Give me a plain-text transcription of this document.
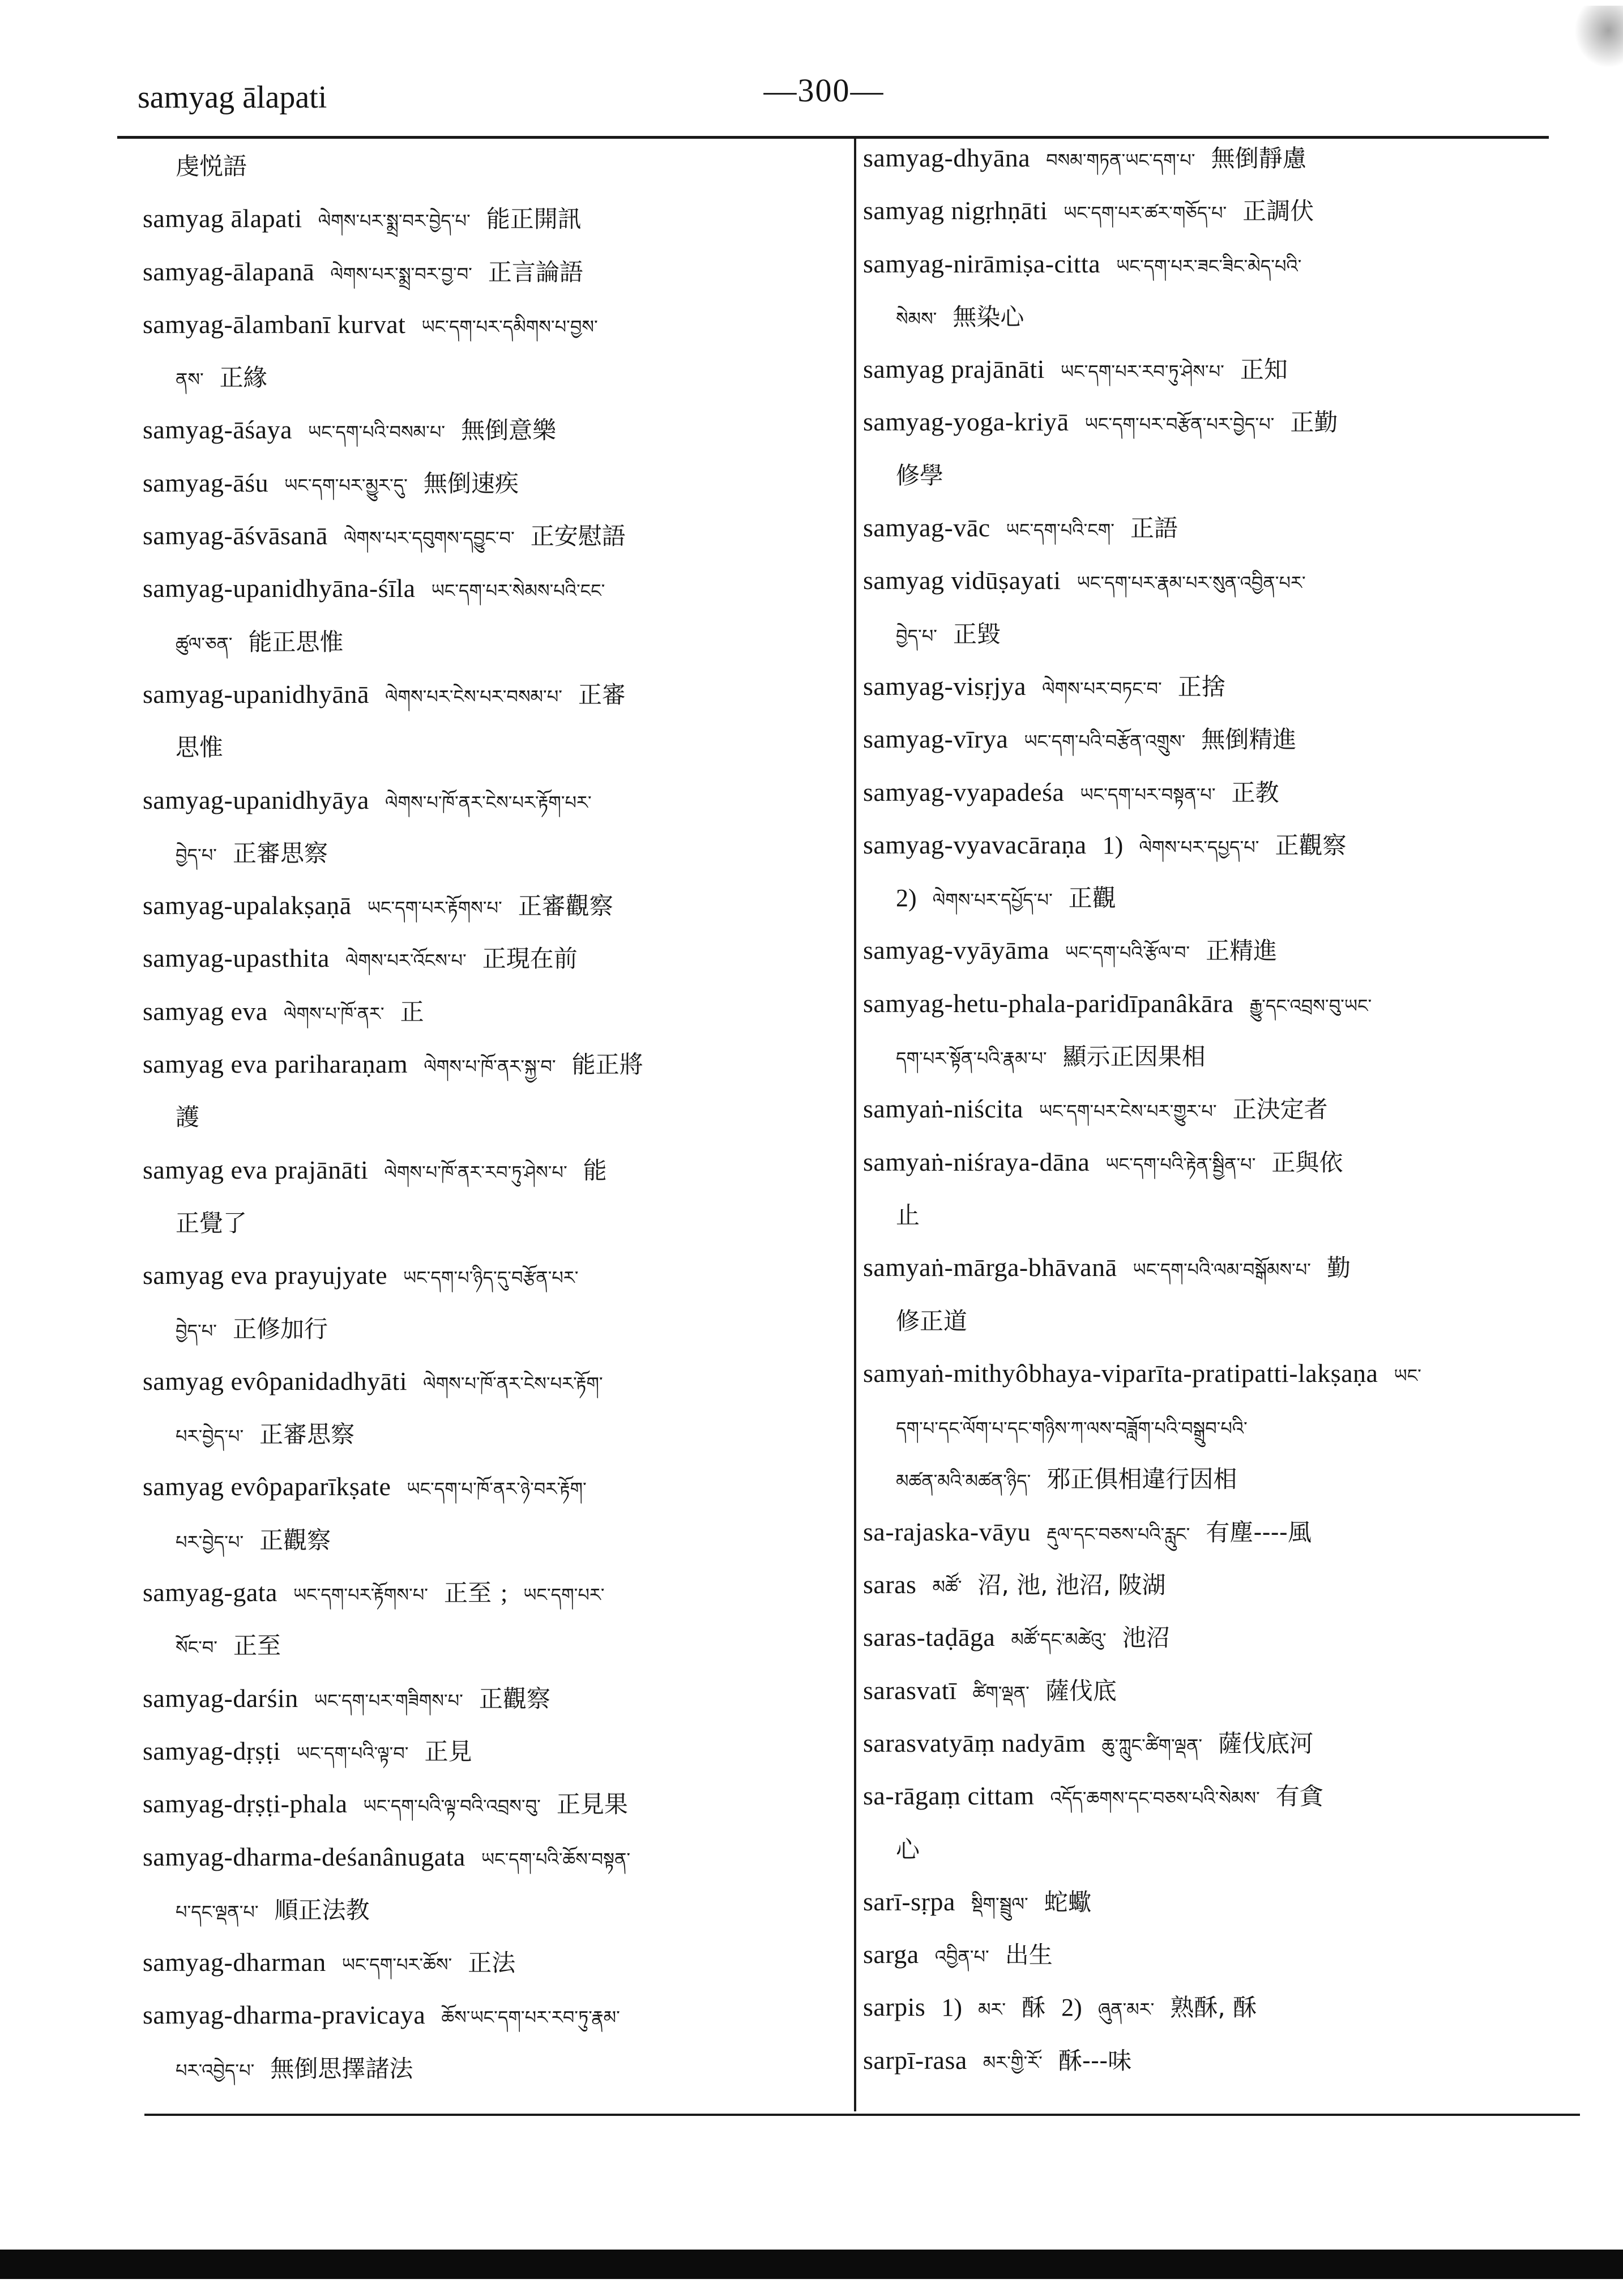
samyag ālapati	—300—
虔悦語
samyag ālapati ལེགས་པར་སྨྲ་བར་བྱེད་པ་ 能正開訊
samyag-ālapanā ལེགས་པར་སྨྲ་བར་བྱ་བ་ 正言論語
samyag-ālambanī kurvat ཡང་དག་པར་དམིགས་པ་བྱས་
ནས་ 正緣
samyag-āśaya ཡང་དག་པའི་བསམ་པ་ 無倒意樂
samyag-āśu ཡང་དག་པར་མྱུར་དུ་ 無倒速疾
samyag-āśvāsanā ལེགས་པར་དབུགས་དབྱུང་བ་ 正安慰語
samyag-upanidhyāna-śīla ཡང་དག་པར་སེམས་པའི་ངང་
ཚུལ་ཅན་ 能正思惟
samyag-upanidhyānā ལེགས་པར་ངེས་པར་བསམ་པ་ 正審
思惟
samyag-upanidhyāya ལེགས་པ་ཁོ་ནར་ངེས་པར་རྟོག་པར་
བྱེད་པ་ 正審思察
samyag-upalakṣaṇā ཡང་དག་པར་རྟོགས་པ་ 正審觀察
samyag-upasthita ལེགས་པར་འོངས་པ་ 正現在前
samyag eva ལེགས་པ་ཁོ་ནར་ 正
samyag eva pariharaṇam ལེགས་པ་ཁོ་ནར་སྐྱ་བ་ 能正將
護
samyag eva prajānāti ལེགས་པ་ཁོ་ནར་རབ་ཏུ་ཤེས་པ་ 能
正覺了
samyag eva prayujyate ཡང་དག་པ་ཉིད་དུ་བརྩོན་པར་
བྱེད་པ་ 正修加行
samyag evôpanidadhyāti ལེགས་པ་ཁོ་ནར་ངེས་པར་རྟོག་
པར་བྱེད་པ་ 正審思察
samyag evôpaparīkṣate ཡང་དག་པ་ཁོ་ནར་ཉེ་བར་རྟོག་
པར་བྱེད་པ་ 正觀察
samyag-gata ཡང་དག་པར་རྟོགས་པ་ 正至 ; ཡང་དག་པར་
སོང་བ་ 正至
samyag-darśin ཡང་དག་པར་གཟིགས་པ་ 正觀察
samyag-dṛṣṭi ཡང་དག་པའི་ལྟ་བ་ 正見
samyag-dṛṣṭi-phala ཡང་དག་པའི་ལྟ་བའི་འབྲས་བུ་ 正見果
samyag-dharma-deśanânugata ཡང་དག་པའི་ཆོས་བསྟན་
པ་དང་ལྡན་པ་ 順正法教
samyag-dharman ཡང་དག་པར་ཆོས་ 正法
samyag-dharma-pravicaya ཆོས་ཡང་དག་པར་རབ་ཏུ་རྣམ་
པར་འབྱེད་པ་ 無倒思擇諸法
samyag-dhyāna བསམ་གཏན་ཡང་དག་པ་ 無倒靜慮
samyag nigṛhṇāti ཡང་དག་པར་ཚར་གཅོད་པ་ 正調伏
samyag-nirāmiṣa-citta ཡང་དག་པར་ཟང་ཟིང་མེད་པའི་
སེམས་ 無染心
samyag prajānāti ཡང་དག་པར་རབ་ཏུ་ཤེས་པ་ 正知
samyag-yoga-kriyā ཡང་དག་པར་བརྩོན་པར་བྱེད་པ་ 正勤
修學
samyag-vāc ཡང་དག་པའི་ངག་ 正語
samyag vidūṣayati ཡང་དག་པར་རྣམ་པར་སུན་འབྱིན་པར་
བྱེད་པ་ 正毀
samyag-visṛjya ལེགས་པར་བཏང་བ་ 正捨
samyag-vīrya ཡང་དག་པའི་བརྩོན་འགྲུས་ 無倒精進
samyag-vyapadeśa ཡང་དག་པར་བསྟན་པ་ 正教
samyag-vyavacāraṇa 1) ལེགས་པར་དཔྱད་པ་ 正觀察
2) ལེགས་པར་དཔྱོད་པ་ 正觀
samyag-vyāyāma ཡང་དག་པའི་རྩོལ་བ་ 正精進
samyag-hetu-phala-paridīpanâkāra རྒྱུ་དང་འབྲས་བུ་ཡང་
དག་པར་སྟོན་པའི་རྣམ་པ་ 顯示正因果相
samyaṅ-niścita ཡང་དག་པར་ངེས་པར་གྱུར་པ་ 正決定者
samyaṅ-niśraya-dāna ཡང་དག་པའི་རྟེན་སྦྱིན་པ་ 正與依
止
samyaṅ-mārga-bhāvanā ཡང་དག་པའི་ལམ་བསྒོམས་པ་ 勤
修正道
samyaṅ-mithyôbhaya-viparīta-pratipatti-lakṣaṇa ཡང་
དག་པ་དང་ལོག་པ་དང་གཉིས་ཀ་ལས་བཟློག་པའི་བསྒྲུབ་པའི་
མཚན་མའི་མཚན་ཉིད་ 邪正俱相違行因相
sa-rajaska-vāyu རྡུལ་དང་བཅས་པའི་རླུང་ 有塵----風
saras མཚོ་ 沼, 池, 池沼, 陂湖
saras-taḍāga མཚོ་དང་མཚེའུ་ 池沼
sarasvatī ཚིག་ལྡན་ 薩伐底
sarasvatyāṃ nadyām ཆུ་ཀླུང་ཚིག་ལྡན་ 薩伐底河
sa-rāgaṃ cittam འདོད་ཆགས་དང་བཅས་པའི་སེམས་ 有貪
心
sarī-sṛpa སྡིག་སྦྲུལ་ 蛇蠍
sarga འབྱིན་པ་ 出生
sarpis 1) མར་ 酥 2) ཞུན་མར་ 熟酥, 酥
sarpī-rasa མར་གྱི་རོ་ 酥---味
